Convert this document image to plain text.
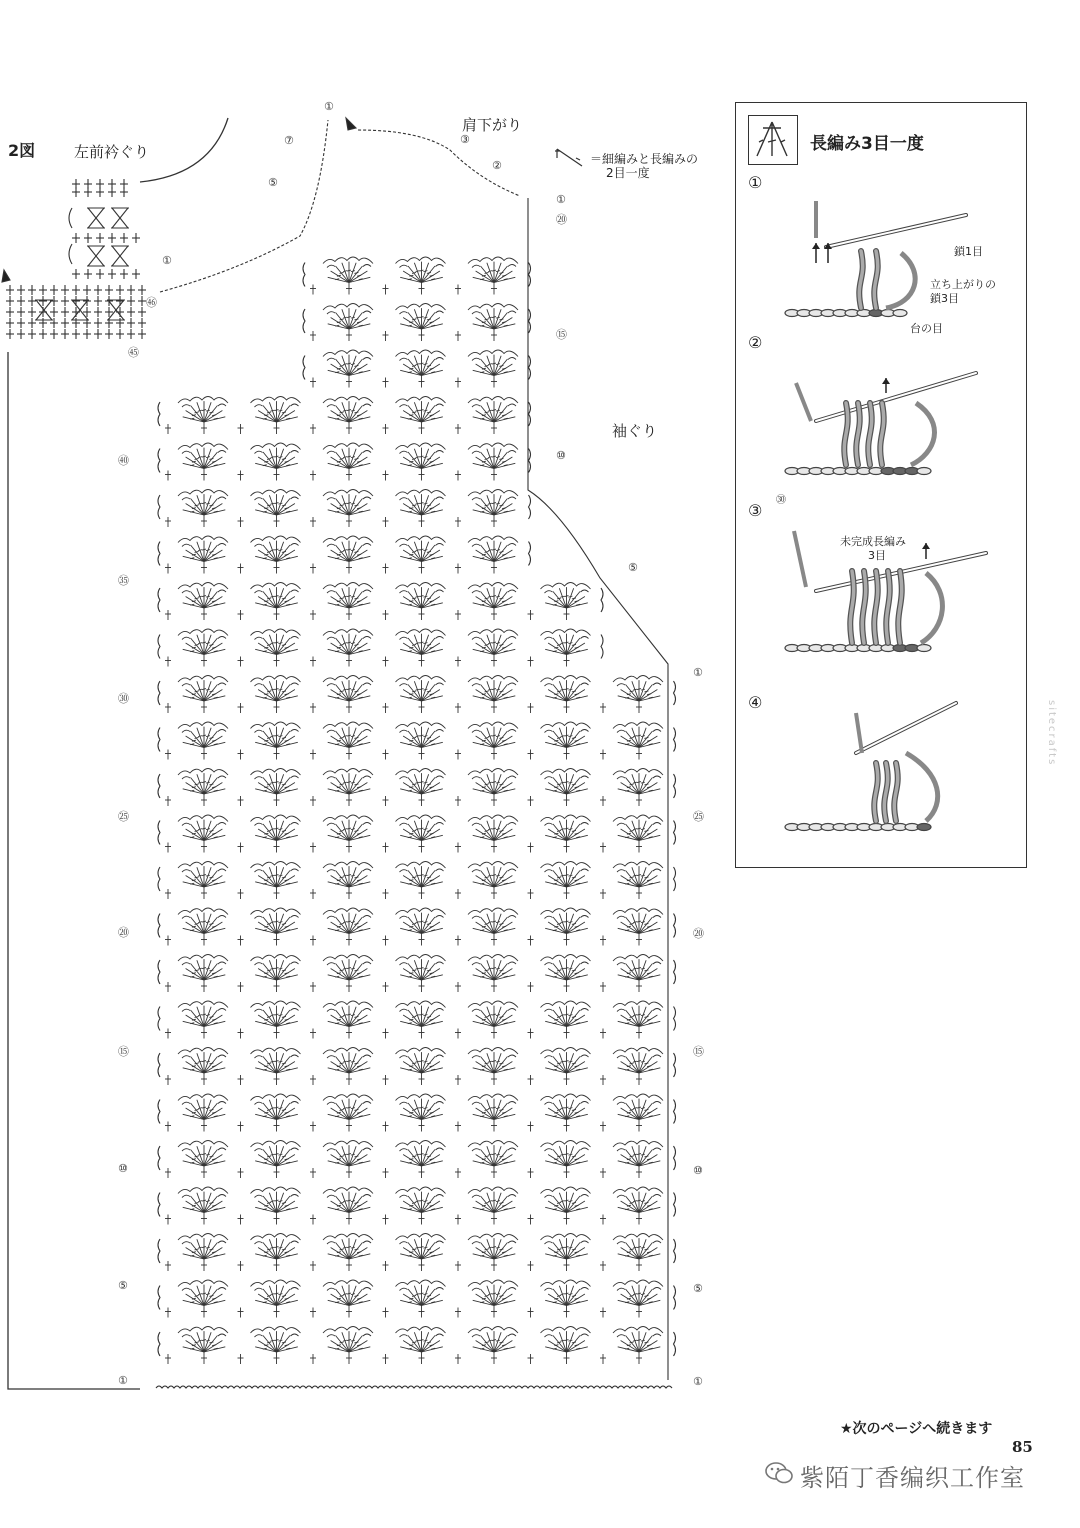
2図	左前衿ぐり
肩下がり
袖ぐり
＝細編みと長編みの
2目一度
①
⑤
⑩
⑮
⑳
㉕
㉚
㉟
㊵
㊺
㊻
①
⑤
⑩
⑮
⑳
㉕
①
⑤
⑩
⑮
⑳
①
①
②
③
⑤
⑦
①
長編み3目一度
①
②
③
④
㉚
鎖1目
立ち上がりの
鎖3目
台の目
未完成長編み
3目
sitecrafts
★次のページへ続きます
85
紫陌丁香编织工作室
